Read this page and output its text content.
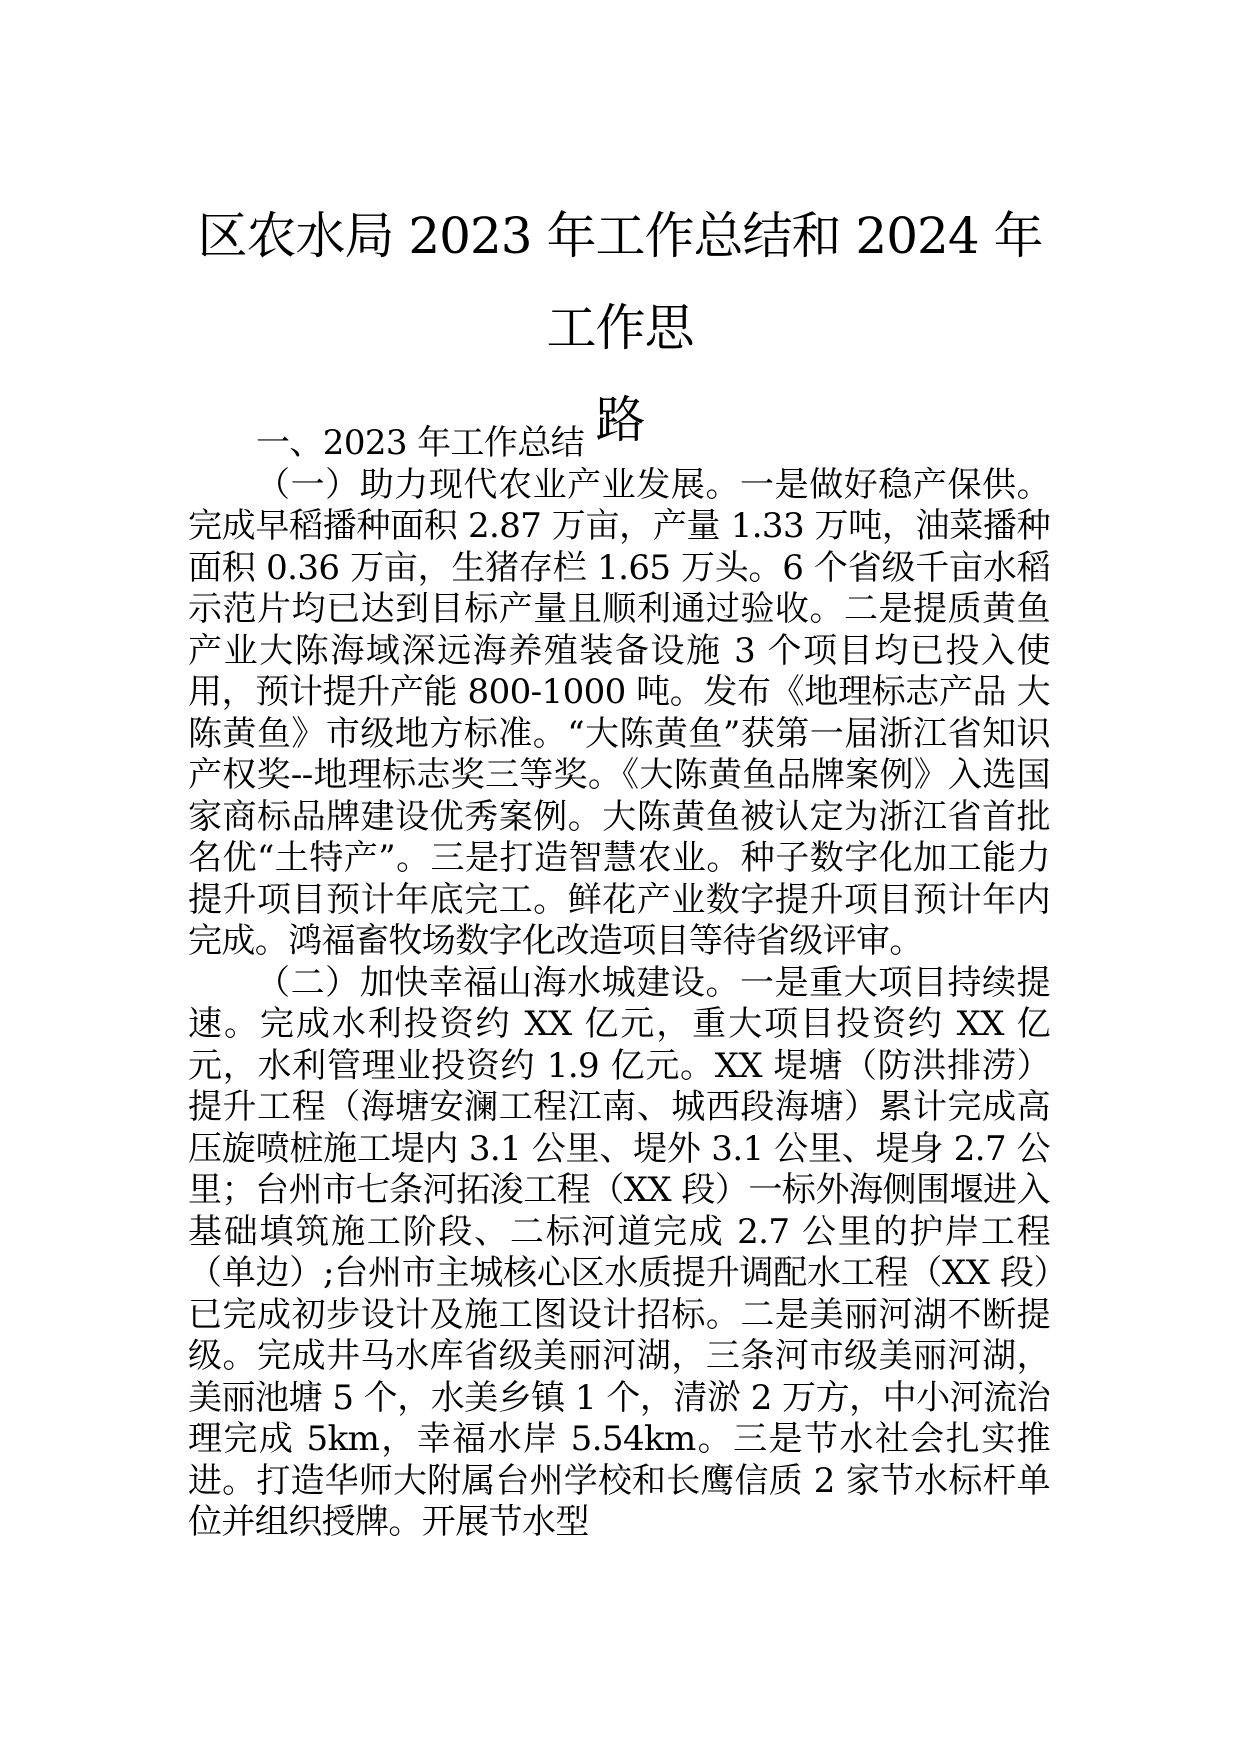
区农水局 2023 年工作总结和 2024 年工作思
路

一、2023 年工作总结

（一）助力现代农业产业发展。一是做好稳产保供。完成早稻播种面积 2.87 万亩，产量 1.33 万吨，油菜播种面积 0.36 万亩，生猪存栏 1.65 万头。6 个省级千亩水稻示范片均已达到目标产量且顺利通过验收。二是提质黄鱼产业大陈海域深远海养殖装备设施 3 个项目均已投入使用，预计提升产能 800-1000 吨。发布《地理标志产品 大陈黄鱼》市级地方标准。“大陈黄鱼”获第一届浙江省知识产权奖--地理标志奖三等奖。《大陈黄鱼品牌案例》入选国家商标品牌建设优秀案例。大陈黄鱼被认定为浙江省首批名优“土特产”。三是打造智慧农业。种子数字化加工能力提升项目预计年底完工。鲜花产业数字提升项目预计年内完成。鸿福畜牧场数字化改造项目等待省级评审。

（二）加快幸福山海水城建设。一是重大项目持续提速。完成水利投资约 XX 亿元，重大项目投资约 XX 亿元，水利管理业投资约 1.9 亿元。XX 堤塘（防洪排涝）提升工程（海塘安澜工程江南、城西段海塘）累计完成高压旋喷桩施工堤内 3.1 公里、堤外 3.1 公里、堤身 2.7 公里；台州市七条河拓浚工程（XX 段）一标外海侧围堰进入基础填筑施工阶段、二标河道完成 2.7 公里的护岸工程（单边）;台州市主城核心区水质提升调配水工程（XX 段）已完成初步设计及施工图设计招标。二是美丽河湖不断提级。完成井马水库省级美丽河湖，三条河市级美丽河湖，美丽池塘 5 个，水美乡镇 1 个，清淤 2 万方，中小河流治理完成 5km，幸福水岸 5.54km。三是节水社会扎实推进。打造华师大附属台州学校和长鹰信质 2 家节水标杆单位并组织授牌。开展节水型
